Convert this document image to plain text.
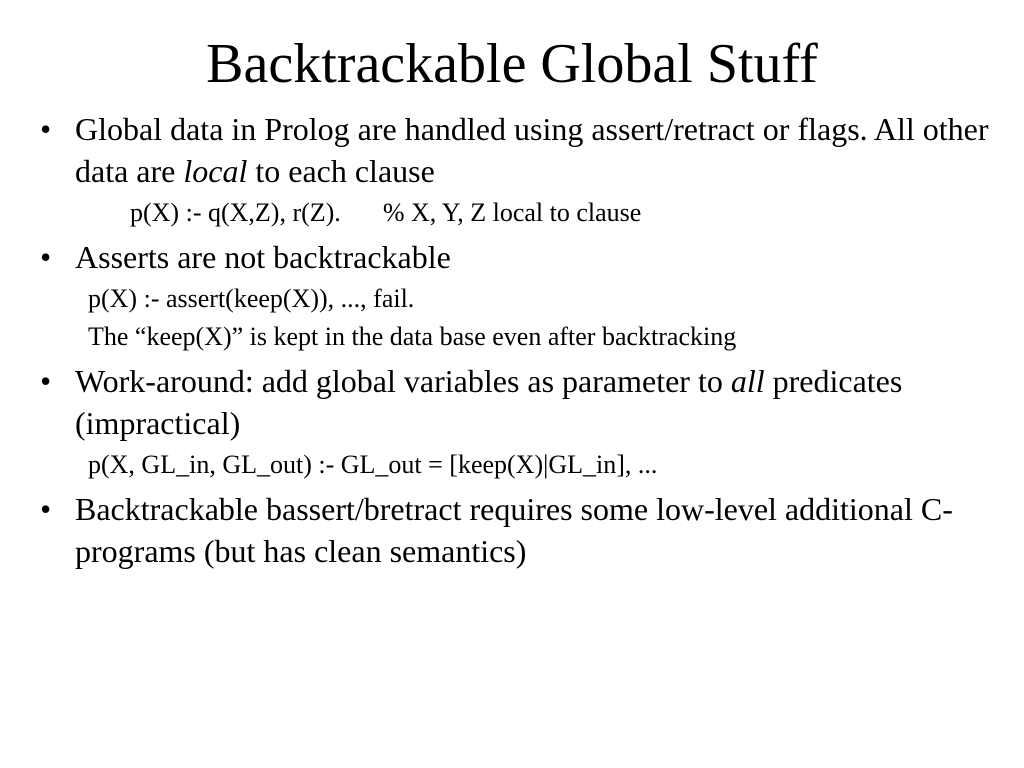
Backtrackable Global Stuff
• Global data in Prolog are handled using assert/retract or flags. All other data are local to each clause
p(X) :- q(X,Z), r(Z). % X, Y, Z local to clause
• Asserts are not backtrackable
p(X) :- assert(keep(X)), ..., fail.
The “keep(X)” is kept in the data base even after backtracking
• Work-around: add global variables as parameter to all predicates (impractical)
p(X, GL_in, GL_out) :- GL_out = [keep(X)|GL_in], ...
• Backtrackable bassert/bretract requires some low-level additional C-programs (but has clean semantics)
